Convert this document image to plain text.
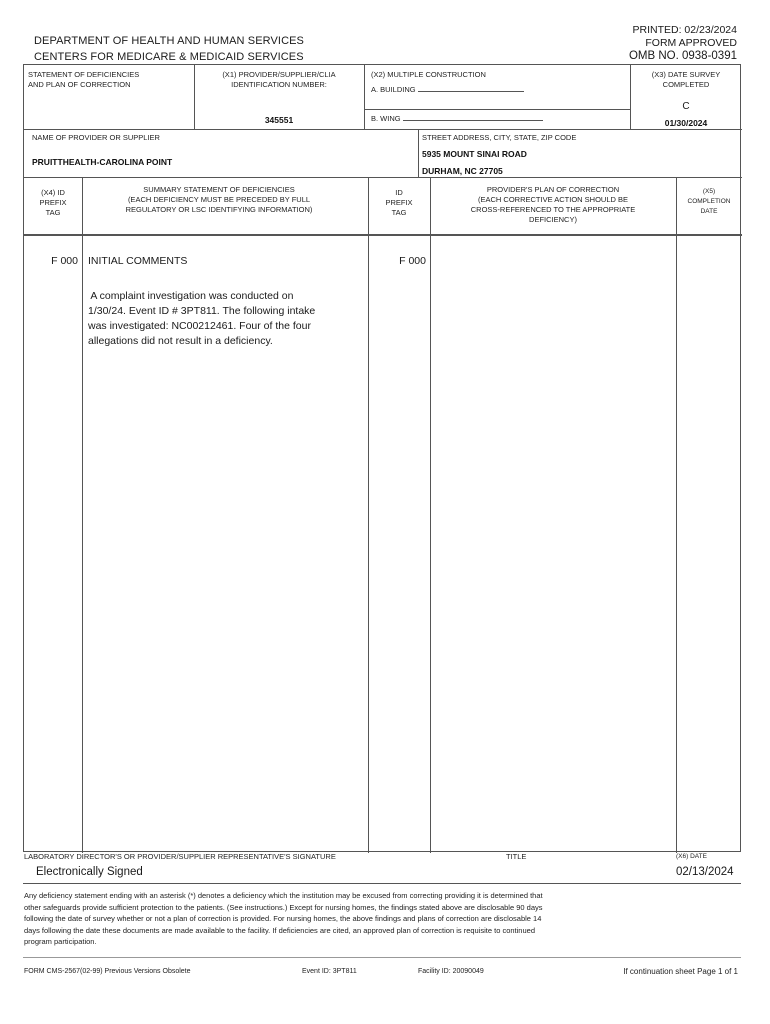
DEPARTMENT OF HEALTH AND HUMAN SERVICES
CENTERS FOR MEDICARE & MEDICAID SERVICES
PRINTED: 02/23/2024
FORM APPROVED
OMB NO. 0938-0391
STATEMENT OF DEFICIENCIES
AND PLAN OF CORRECTION
(X1) PROVIDER/SUPPLIER/CLIA
IDENTIFICATION NUMBER:
345551
(X2) MULTIPLE CONSTRUCTION
A. BUILDING
B. WING
(X3) DATE SURVEY
COMPLETED
C
01/30/2024
NAME OF PROVIDER OR SUPPLIER
PRUITTHEALTH-CAROLINA POINT
STREET ADDRESS, CITY, STATE, ZIP CODE
5935 MOUNT SINAI ROAD
DURHAM, NC 27705
(X4) ID
PREFIX
TAG
SUMMARY STATEMENT OF DEFICIENCIES
(EACH DEFICIENCY MUST BE PRECEDED BY FULL
REGULATORY OR LSC IDENTIFYING INFORMATION)
ID
PREFIX
TAG
PROVIDER'S PLAN OF CORRECTION
(EACH CORRECTIVE ACTION SHOULD BE
CROSS-REFERENCED TO THE APPROPRIATE
DEFICIENCY)
(X5)
COMPLETION
DATE
F 000 INITIAL COMMENTS	F 000
A complaint investigation was conducted on
1/30/24. Event ID # 3PT811. The following intake
was investigated: NC00212461. Four of the four
allegations did not result in a deficiency.
LABORATORY DIRECTOR'S OR PROVIDER/SUPPLIER REPRESENTATIVE'S SIGNATURE	TITLE	(X6) DATE
Electronically Signed	02/13/2024
Any deficiency statement ending with an asterisk (*) denotes a deficiency which the institution may be excused from correcting providing it is determined that
other safeguards provide sufficient protection to the patients. (See instructions.) Except for nursing homes, the findings stated above are disclosable 90 days
following the date of survey whether or not a plan of correction is provided. For nursing homes, the above findings and plans of correction are disclosable 14
days following the date these documents are made available to the facility. If deficiencies are cited, an approved plan of correction is requisite to continued
program participation.
FORM CMS-2567(02-99) Previous Versions Obsolete	Event ID: 3PT811	Facility ID: 20090049	If continuation sheet Page 1 of 1
